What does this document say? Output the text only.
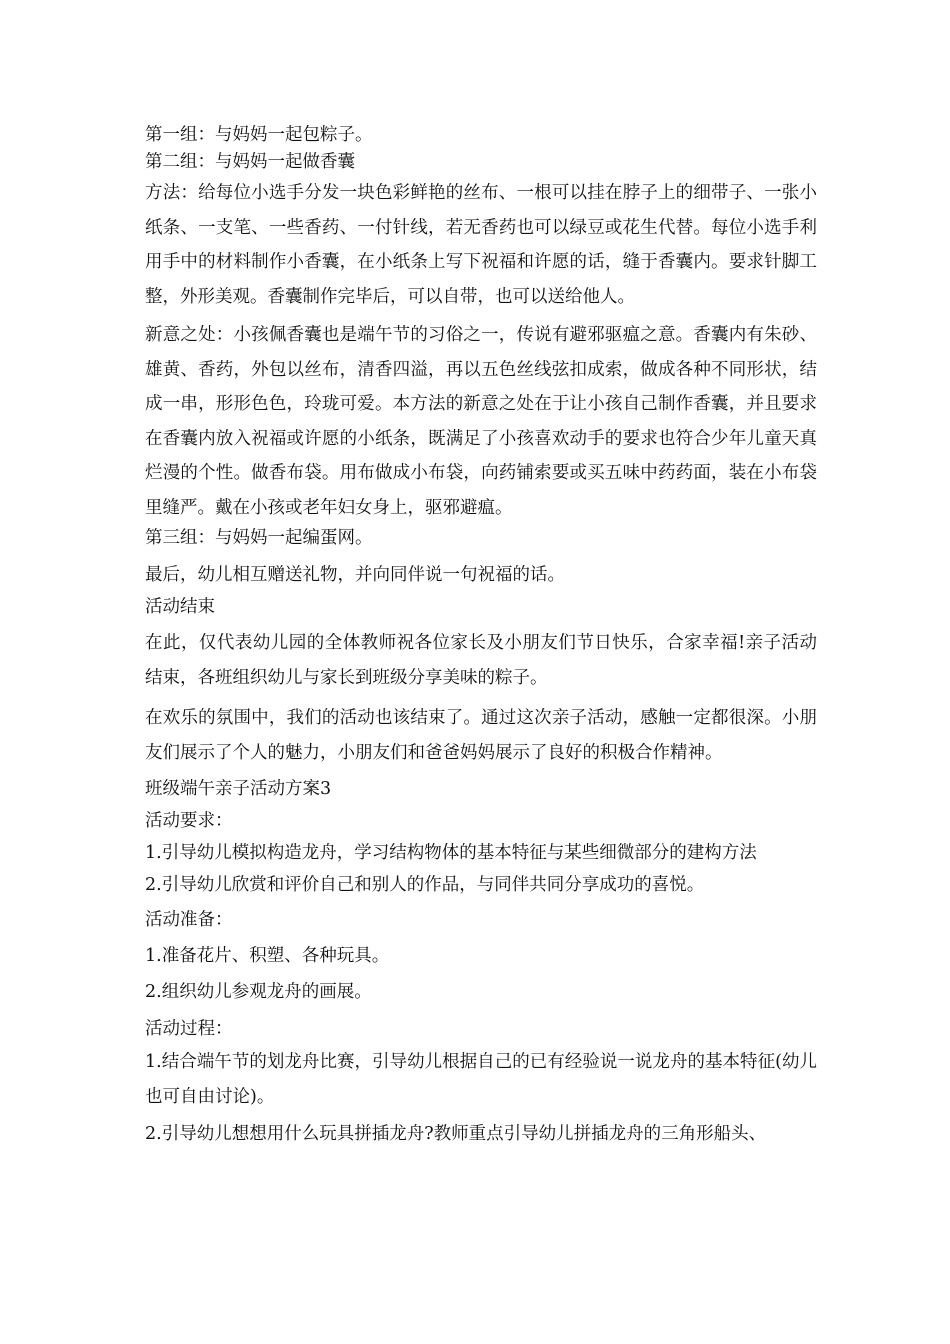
第一组：与妈妈一起包粽子。

第二组：与妈妈一起做香囊

方法：给每位小选手分发一块色彩鲜艳的丝布、一根可以挂在脖子上的细带子、一张小纸条、一支笔、一些香药、一付针线，若无香药也可以绿豆或花生代替。每位小选手利用手中的材料制作小香囊，在小纸条上写下祝福和许愿的话，缝于香囊内。要求针脚工整，外形美观。香囊制作完毕后，可以自带，也可以送给他人。

新意之处：小孩佩香囊也是端午节的习俗之一，传说有避邪驱瘟之意。香囊内有朱砂、雄黄、香药，外包以丝布，清香四溢，再以五色丝线弦扣成索，做成各种不同形状，结成一串，形形色色，玲珑可爱。本方法的新意之处在于让小孩自己制作香囊，并且要求在香囊内放入祝福或许愿的小纸条，既满足了小孩喜欢动手的要求也符合少年儿童天真烂漫的个性。做香布袋。用布做成小布袋，向药铺索要或买五味中药药面，装在小布袋里缝严。戴在小孩或老年妇女身上，驱邪避瘟。

第三组：与妈妈一起编蛋网。

最后，幼儿相互赠送礼物，并向同伴说一句祝福的话。

活动结束

在此，仅代表幼儿园的全体教师祝各位家长及小朋友们节日快乐，合家幸福!亲子活动结束，各班组织幼儿与家长到班级分享美味的粽子。

在欢乐的氛围中，我们的活动也该结束了。通过这次亲子活动，感触一定都很深。小朋友们展示了个人的魅力，小朋友们和爸爸妈妈展示了良好的积极合作精神。

班级端午亲子活动方案3

活动要求：

1.引导幼儿模拟构造龙舟，学习结构物体的基本特征与某些细微部分的建构方法

2.引导幼儿欣赏和评价自己和别人的作品，与同伴共同分享成功的喜悦。

活动准备：

1.准备花片、积塑、各种玩具。

2.组织幼儿参观龙舟的画展。

活动过程：

1.结合端午节的划龙舟比赛，引导幼儿根据自己的已有经验说一说龙舟的基本特征(幼儿也可自由讨论)。

2.引导幼儿想想用什么玩具拼插龙舟?教师重点引导幼儿拼插龙舟的三角形船头、
